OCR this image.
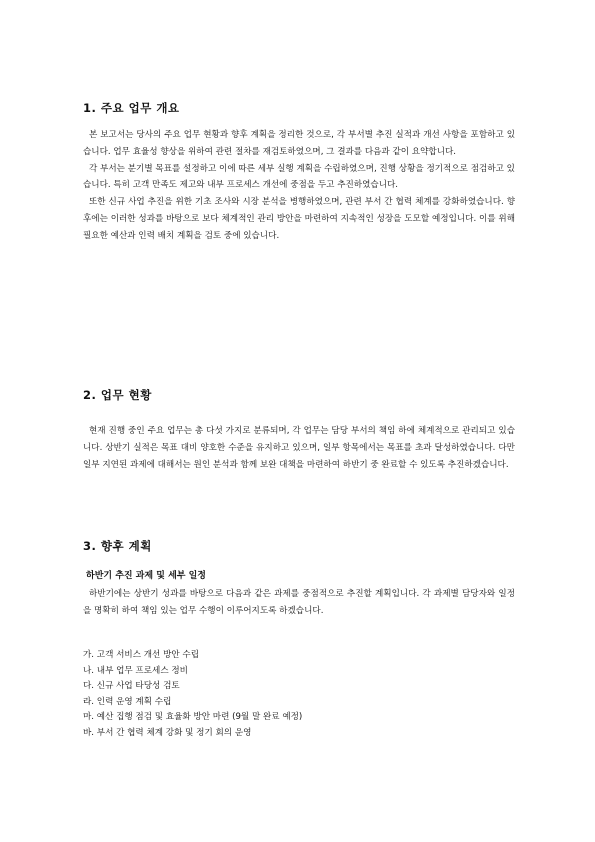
1. 주요 업무 개요

본 보고서는 당사의 주요 업무 현황과 향후 계획을 정리한 것으로, 각 부서별 추진 실적과 개선 사항을 포함하고 있습니다. 업무 효율성 향상을 위하여 관련 절차를 재검토하였으며, 그 결과를 다음과 같이 요약합니다.

각 부서는 분기별 목표를 설정하고 이에 따른 세부 실행 계획을 수립하였으며, 진행 상황을 정기적으로 점검하고 있습니다. 특히 고객 만족도 제고와 내부 프로세스 개선에 중점을 두고 추진하였습니다.

또한 신규 사업 추진을 위한 기초 조사와 시장 분석을 병행하였으며, 관련 부서 간 협력 체계를 강화하였습니다. 향후에는 이러한 성과를 바탕으로 보다 체계적인 관리 방안을 마련하여 지속적인 성장을 도모할 예정입니다. 이를 위해 필요한 예산과 인력 배치 계획을 검토 중에 있습니다.

2. 업무 현황

현재 진행 중인 주요 업무는 총 다섯 가지로 분류되며, 각 업무는 담당 부서의 책임 하에 체계적으로 관리되고 있습니다. 상반기 실적은 목표 대비 양호한 수준을 유지하고 있으며, 일부 항목에서는 목표를 초과 달성하였습니다. 다만 일부 지연된 과제에 대해서는 원인 분석과 함께 보완 대책을 마련하여 하반기 중 완료할 수 있도록 추진하겠습니다.

3. 향후 계획
하반기 추진 과제 및 세부 일정

하반기에는 상반기 성과를 바탕으로 다음과 같은 과제를 중점적으로 추진할 계획입니다. 각 과제별 담당자와 일정을 명확히 하여 책임 있는 업무 수행이 이루어지도록 하겠습니다.

가. 고객 서비스 개선 방안 수립
나. 내부 업무 프로세스 정비
다. 신규 사업 타당성 검토
라. 인력 운영 계획 수립
마. 예산 집행 점검 및 효율화 방안 마련 (9월 말 완료 예정)
바. 부서 간 협력 체계 강화 및 정기 회의 운영
